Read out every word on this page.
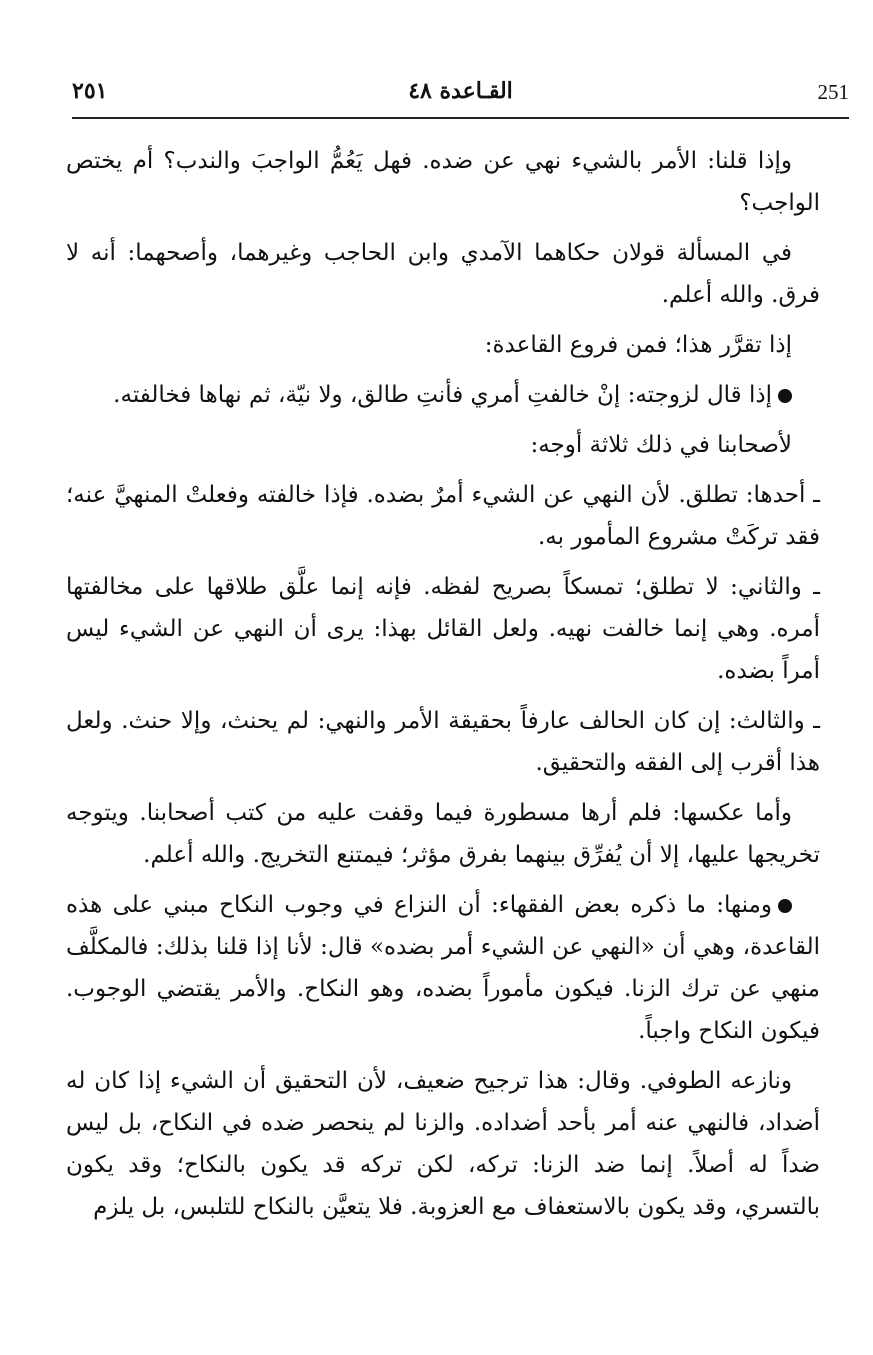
251
القـاعدة ٤٨
٢٥١

وإذا قلنا: الأمر بالشيء نهي عن ضده. فهل يَعُمُّ الواجبَ والندب؟ أم يختص الواجب؟

في المسألة قولان حكاهما الآمدي وابن الحاجب وغيرهما، وأصحهما: أنه لا فرق. والله أعلم.

إذا تقرَّر هذا؛ فمن فروع القاعدة:

إذا قال لزوجته: إنْ خالفتِ أمري فأنتِ طالق، ولا نيّة، ثم نهاها فخالفته.

لأصحابنا في ذلك ثلاثة أوجه:

ـ أحدها: تطلق. لأن النهي عن الشيء أمرٌ بضده. فإذا خالفته وفعلتْ المنهيَّ عنه؛ فقد تركَتْ مشروع المأمور به.

ـ والثاني: لا تطلق؛ تمسكاً بصريح لفظه. فإنه إنما علَّق طلاقها على مخالفتها أمره. وهي إنما خالفت نهيه. ولعل القائل بهذا: يرى أن النهي عن الشيء ليس أمراً بضده.

ـ والثالث: إن كان الحالف عارفاً بحقيقة الأمر والنهي: لم يحنث، وإلا حنث. ولعل هذا أقرب إلى الفقه والتحقيق.

وأما عكسها: فلم أرها مسطورة فيما وقفت عليه من كتب أصحابنا. ويتوجه تخريجها عليها، إلا أن يُفرِّق بينهما بفرق مؤثر؛ فيمتنع التخريج. والله أعلم.

ومنها: ما ذكره بعض الفقهاء: أن النزاع في وجوب النكاح مبني على هذه القاعدة، وهي أن «النهي عن الشيء أمر بضده» قال: لأنا إذا قلنا بذلك: فالمكلَّف منهي عن ترك الزنا. فيكون مأموراً بضده، وهو النكاح. والأمر يقتضي الوجوب. فيكون النكاح واجباً.

ونازعه الطوفي. وقال: هذا ترجيح ضعيف، لأن التحقيق أن الشيء إذا كان له أضداد، فالنهي عنه أمر بأحد أضداده. والزنا لم ينحصر ضده في النكاح، بل ليس ضداً له أصلاً. إنما ضد الزنا: تركه، لكن تركه قد يكون بالنكاح؛ وقد يكون بالتسري، وقد يكون بالاستعفاف مع العزوبة. فلا يتعيَّن بالنكاح للتلبس، بل يلزم
